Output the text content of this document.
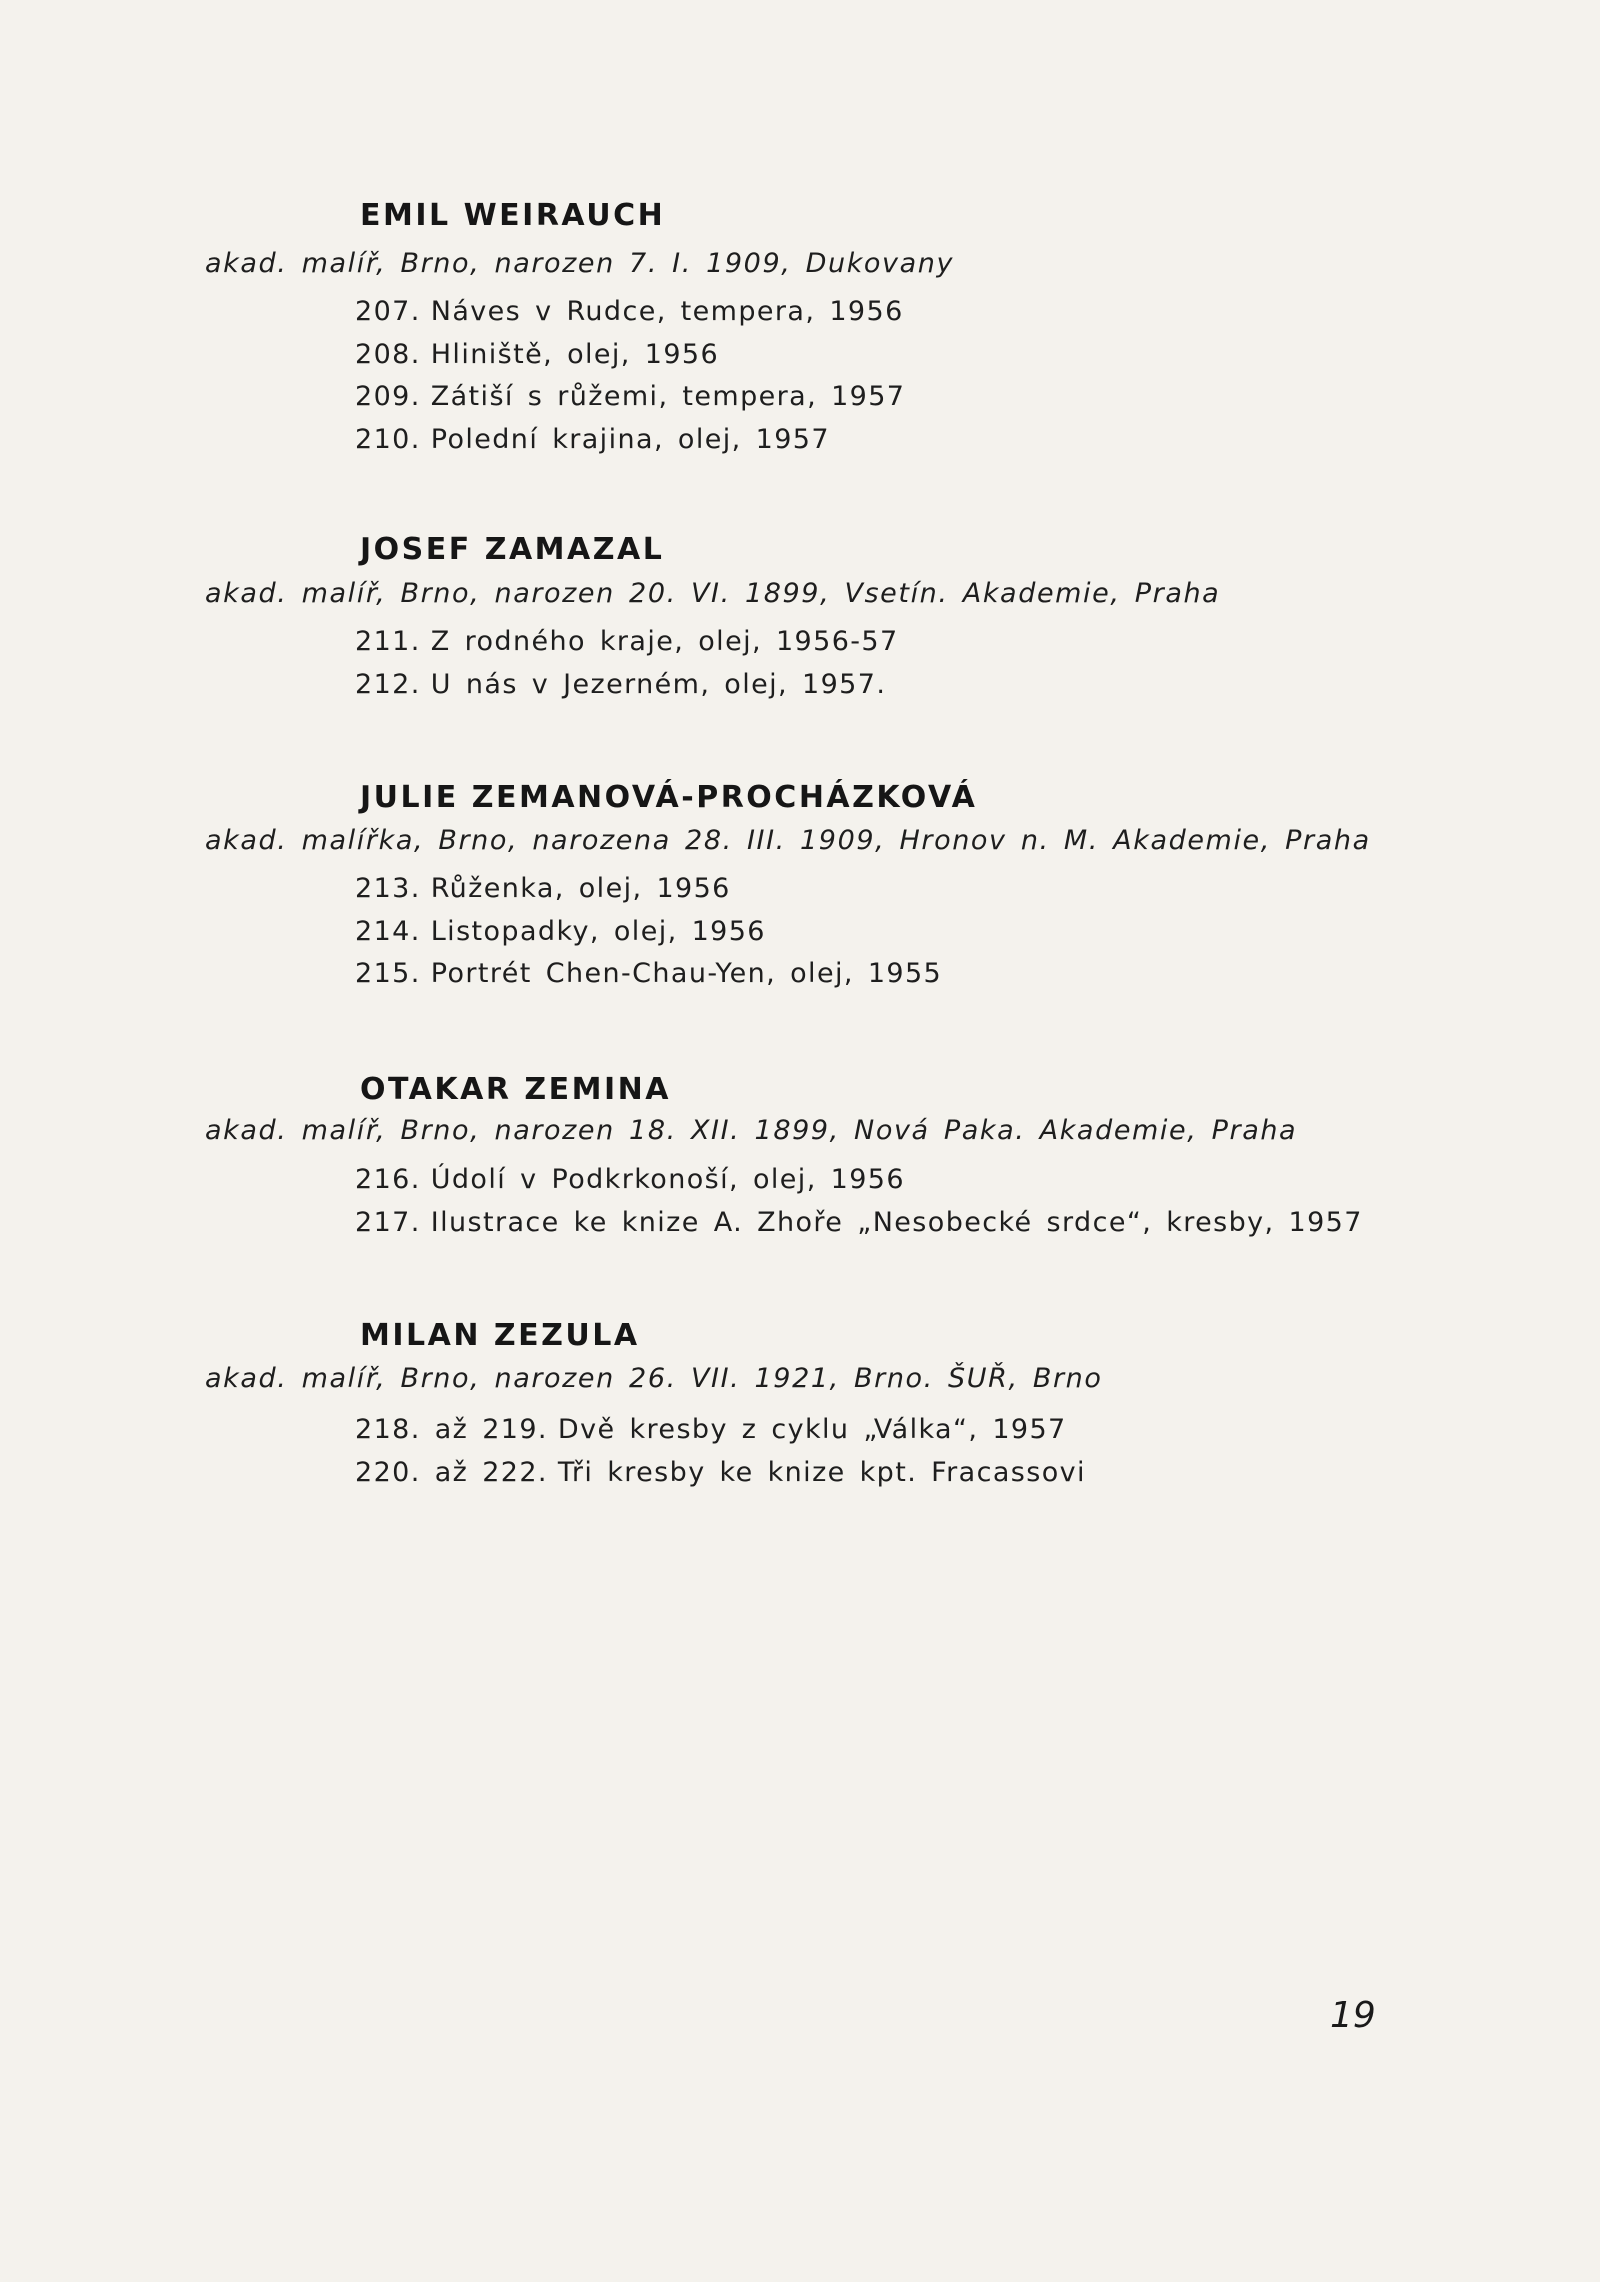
EMIL WEIRAUCH
akad. malíř, Brno, narozen 7. I. 1909, Dukovany
207. Náves v Rudce, tempera, 1956
208. Hliniště, olej, 1956
209. Zátiší s růžemi, tempera, 1957
210. Polední krajina, olej, 1957
JOSEF ZAMAZAL
akad. malíř, Brno, narozen 20. VI. 1899, Vsetín. Akademie, Praha
211. Z rodného kraje, olej, 1956-57
212. U nás v Jezerném, olej, 1957.
JULIE ZEMANOVÁ-PROCHÁZKOVÁ
akad. malířka, Brno, narozena 28. III. 1909, Hronov n. M. Akademie, Praha
213. Růženka, olej, 1956
214. Listopadky, olej, 1956
215. Portrét Chen-Chau-Yen, olej, 1955
OTAKAR ZEMINA
akad. malíř, Brno, narozen 18. XII. 1899, Nová Paka. Akademie, Praha
216. Údolí v Podkrkonoší, olej, 1956
217. Ilustrace ke knize A. Zhoře „Nesobecké srdce“, kresby, 1957
MILAN ZEZULA
akad. malíř, Brno, narozen 26. VII. 1921, Brno. ŠUŘ, Brno
218. až 219. Dvě kresby z cyklu „Válka“, 1957
220. až 222. Tři kresby ke knize kpt. Fracassovi
19
